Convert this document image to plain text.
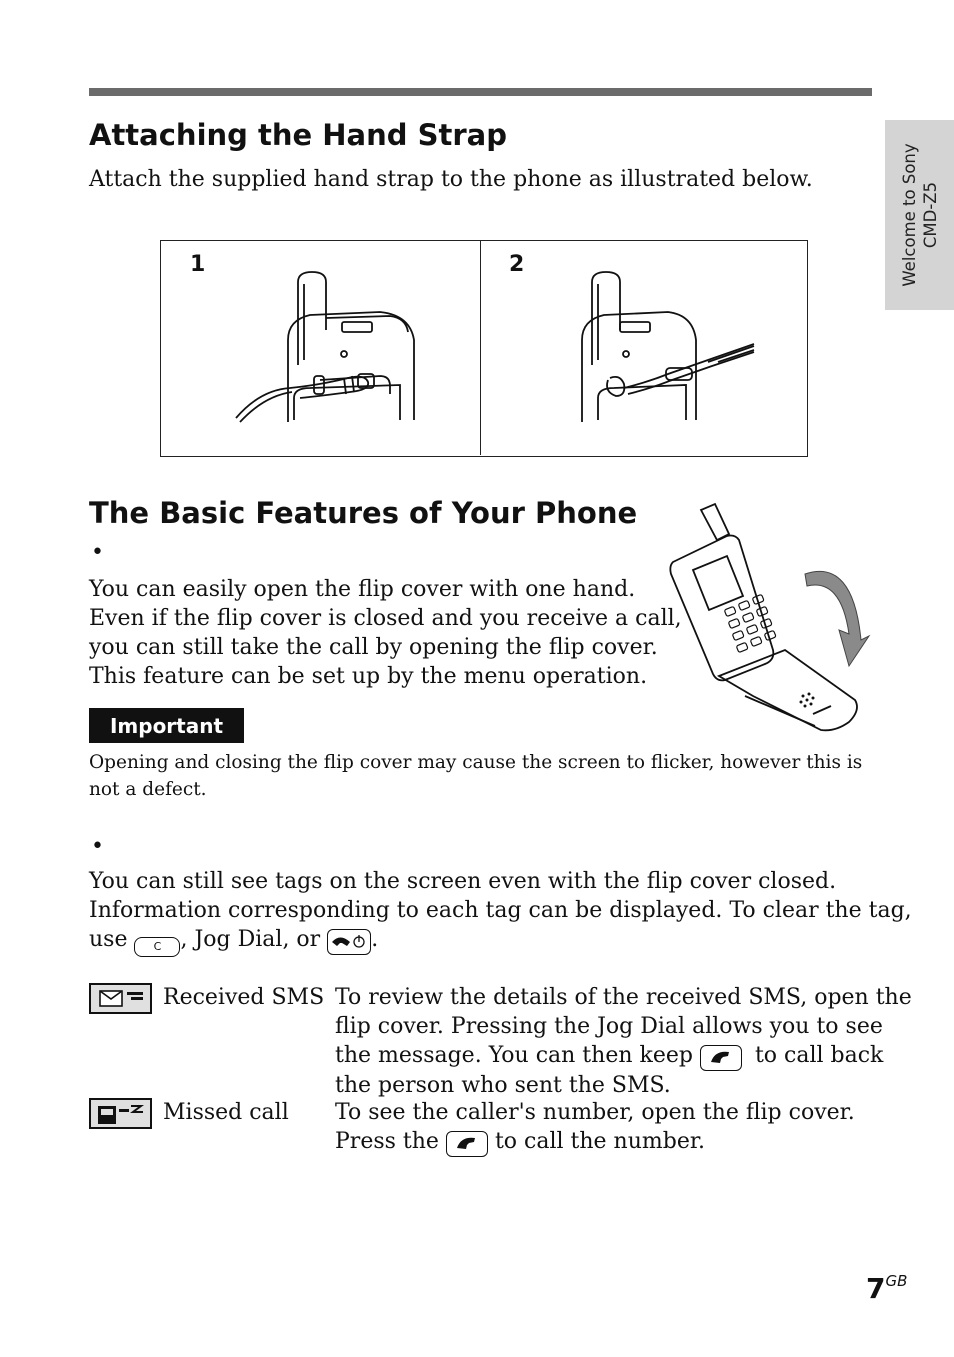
Welcome to Sony CMD-Z5
Attaching the Hand Strap
Attach the supplied hand strap to the phone as illustrated below.
1	2
The Basic Features of Your Phone
•
You can easily open the flip cover with one hand.
Even if the flip cover is closed and you receive a call,
you can still take the call by opening the flip cover.
This feature can be set up by the menu operation.
Important
Opening and closing the flip cover may cause the screen to flicker, however this is not a defect.
•
You can still see tags on the screen even with the flip cover closed.
Information corresponding to each tag can be displayed. To clear the tag,
use C , Jog Dial, or .
Received SMS To review the details of the received SMS, open the
flip cover. Pressing the Jog Dial allows you to see
the message. You can then keep	to call back
the person who sent the SMS.
Missed call To see the caller's number, open the flip cover.
Press the	to call the number.
7GB
